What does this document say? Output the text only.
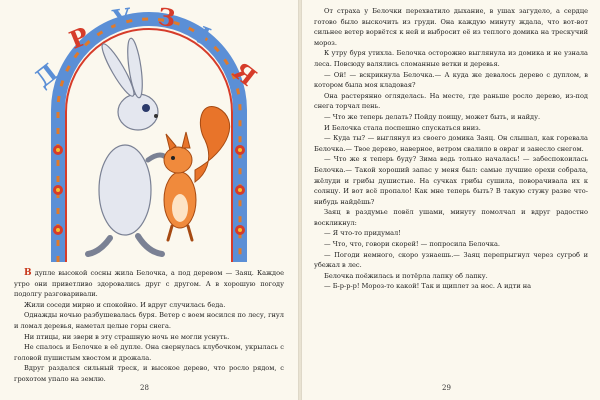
Д
Р
У З
Ь
Я

В дупле высокой сосны жила Белочка, а под деревом — Заяц. Каждое утро они приветливо здоровались друг с другом. А в хорошую погоду подолгу разговаривали.

Жили соседи мирно и спокойно. И вдруг случилась беда.

Однажды ночью разбушевалась буря. Ветер с воем носился по лесу, гнул и ломал деревья, наметал целые горы снега.

Ни птицы, ни звери в эту страшную ночь не могли уснуть.

Не спалось и Белочке в её дупле. Она свернулась клубочком, укрылась с головой пушистым хвостом и дрожала.

Вдруг раздался сильный треск, и высокое дерево, что росло рядом, с грохотом упало на землю.

28

От страха у Белочки перехватило дыхание, в ушах загудело, а сердце готово было выскочить из груди. Она каждую минуту ждала, что вот-вот сильнее ветер ворвётся к ней и выбросит её из теплого домика на трескучий мороз.

К утру буря утихла. Белочка осторожно выглянула из домика и не узнала леса. Повсюду валялись сломанные ветки и деревья.

— Ой! — вскрикнула Белочка.— А куда же девалось дерево с дуплом, в котором была моя кладовая?

Она растерянно огляделась. На месте, где раньше росло дерево, из-под снега торчал пень.

— Что же теперь делать? Пойду поищу, может быть, и найду.

И Белочка стала поспешно спускаться вниз.

— Куда ты? — выглянул из своего домика Заяц. Он слышал, как горевала Белочка.— Твое дерево, наверное, ветром свалило в овраг и занесло снегом.

— Что же я теперь буду? Зима ведь только началась! — забеспокоилась Белочка.— Такой хороший запас у меня был: самые лучшие орехи собрала, жёлуди и грибы душистые. На сучках грибы сушила, поворачивала их к солнцу. И вот всё пропало! Как мне теперь быть? В такую стужу разве что-нибудь найдёшь?

Заяц в раздумье повёл ушами, минуту помолчал и вдруг радостно воскликнул:

— Я что-то придумал!

— Что, что, говори скорей! — попросила Белочка.

— Погоди немного, скоро узнаешь.— Заяц перепрыгнул через сугроб и убежал в лес.

Белочка поёжилась и потёрла лапку об лапку.

— Б-р-р-р! Мороз-то какой! Так и щиплет за нос. А идти на

29
